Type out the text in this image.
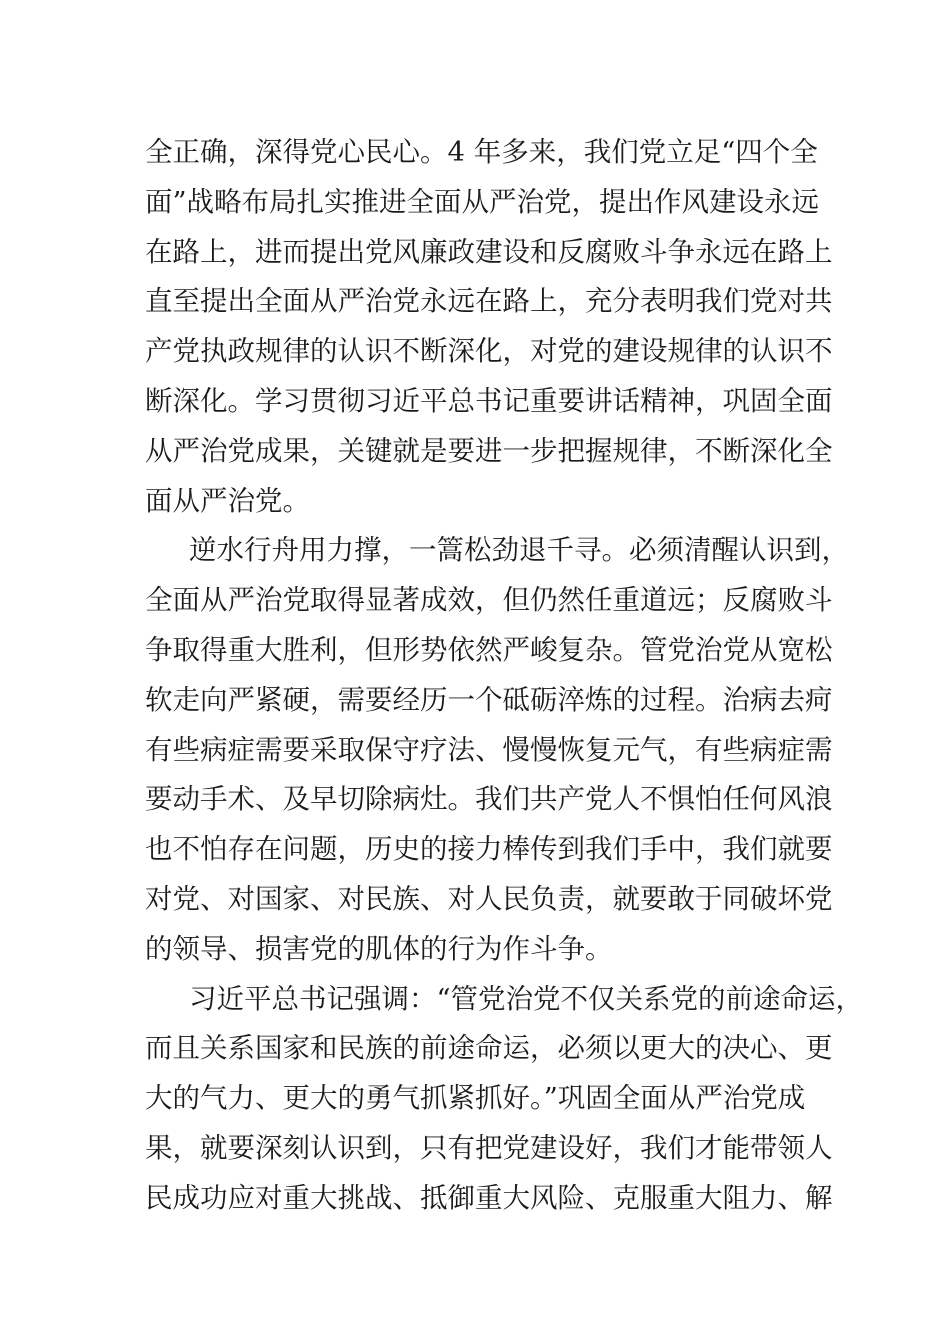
全正确，深得党心民心。4 年多来，我们党立足“四个全
面”战略布局扎实推进全面从严治党，提出作风建设永远
在路上，进而提出党风廉政建设和反腐败斗争永远在路上
直至提出全面从严治党永远在路上，充分表明我们党对共
产党执政规律的认识不断深化，对党的建设规律的认识不
断深化。学习贯彻习近平总书记重要讲话精神，巩固全面
从严治党成果，关键就是要进一步把握规律，不断深化全
面从严治党。
逆水行舟用力撑，一篙松劲退千寻。必须清醒认识到，
全面从严治党取得显著成效，但仍然任重道远；反腐败斗
争取得重大胜利，但形势依然严峻复杂。管党治党从宽松
软走向严紧硬，需要经历一个砥砺淬炼的过程。治病去疴
有些病症需要采取保守疗法、慢慢恢复元气，有些病症需
要动手术、及早切除病灶。我们共产党人不惧怕任何风浪
也不怕存在问题，历史的接力棒传到我们手中，我们就要
对党、对国家、对民族、对人民负责，就要敢于同破坏党
的领导、损害党的肌体的行为作斗争。
习近平总书记强调：“管党治党不仅关系党的前途命运，
而且关系国家和民族的前途命运，必须以更大的决心、更
大的气力、更大的勇气抓紧抓好。”巩固全面从严治党成
果，就要深刻认识到，只有把党建设好，我们才能带领人
民成功应对重大挑战、抵御重大风险、克服重大阻力、解
